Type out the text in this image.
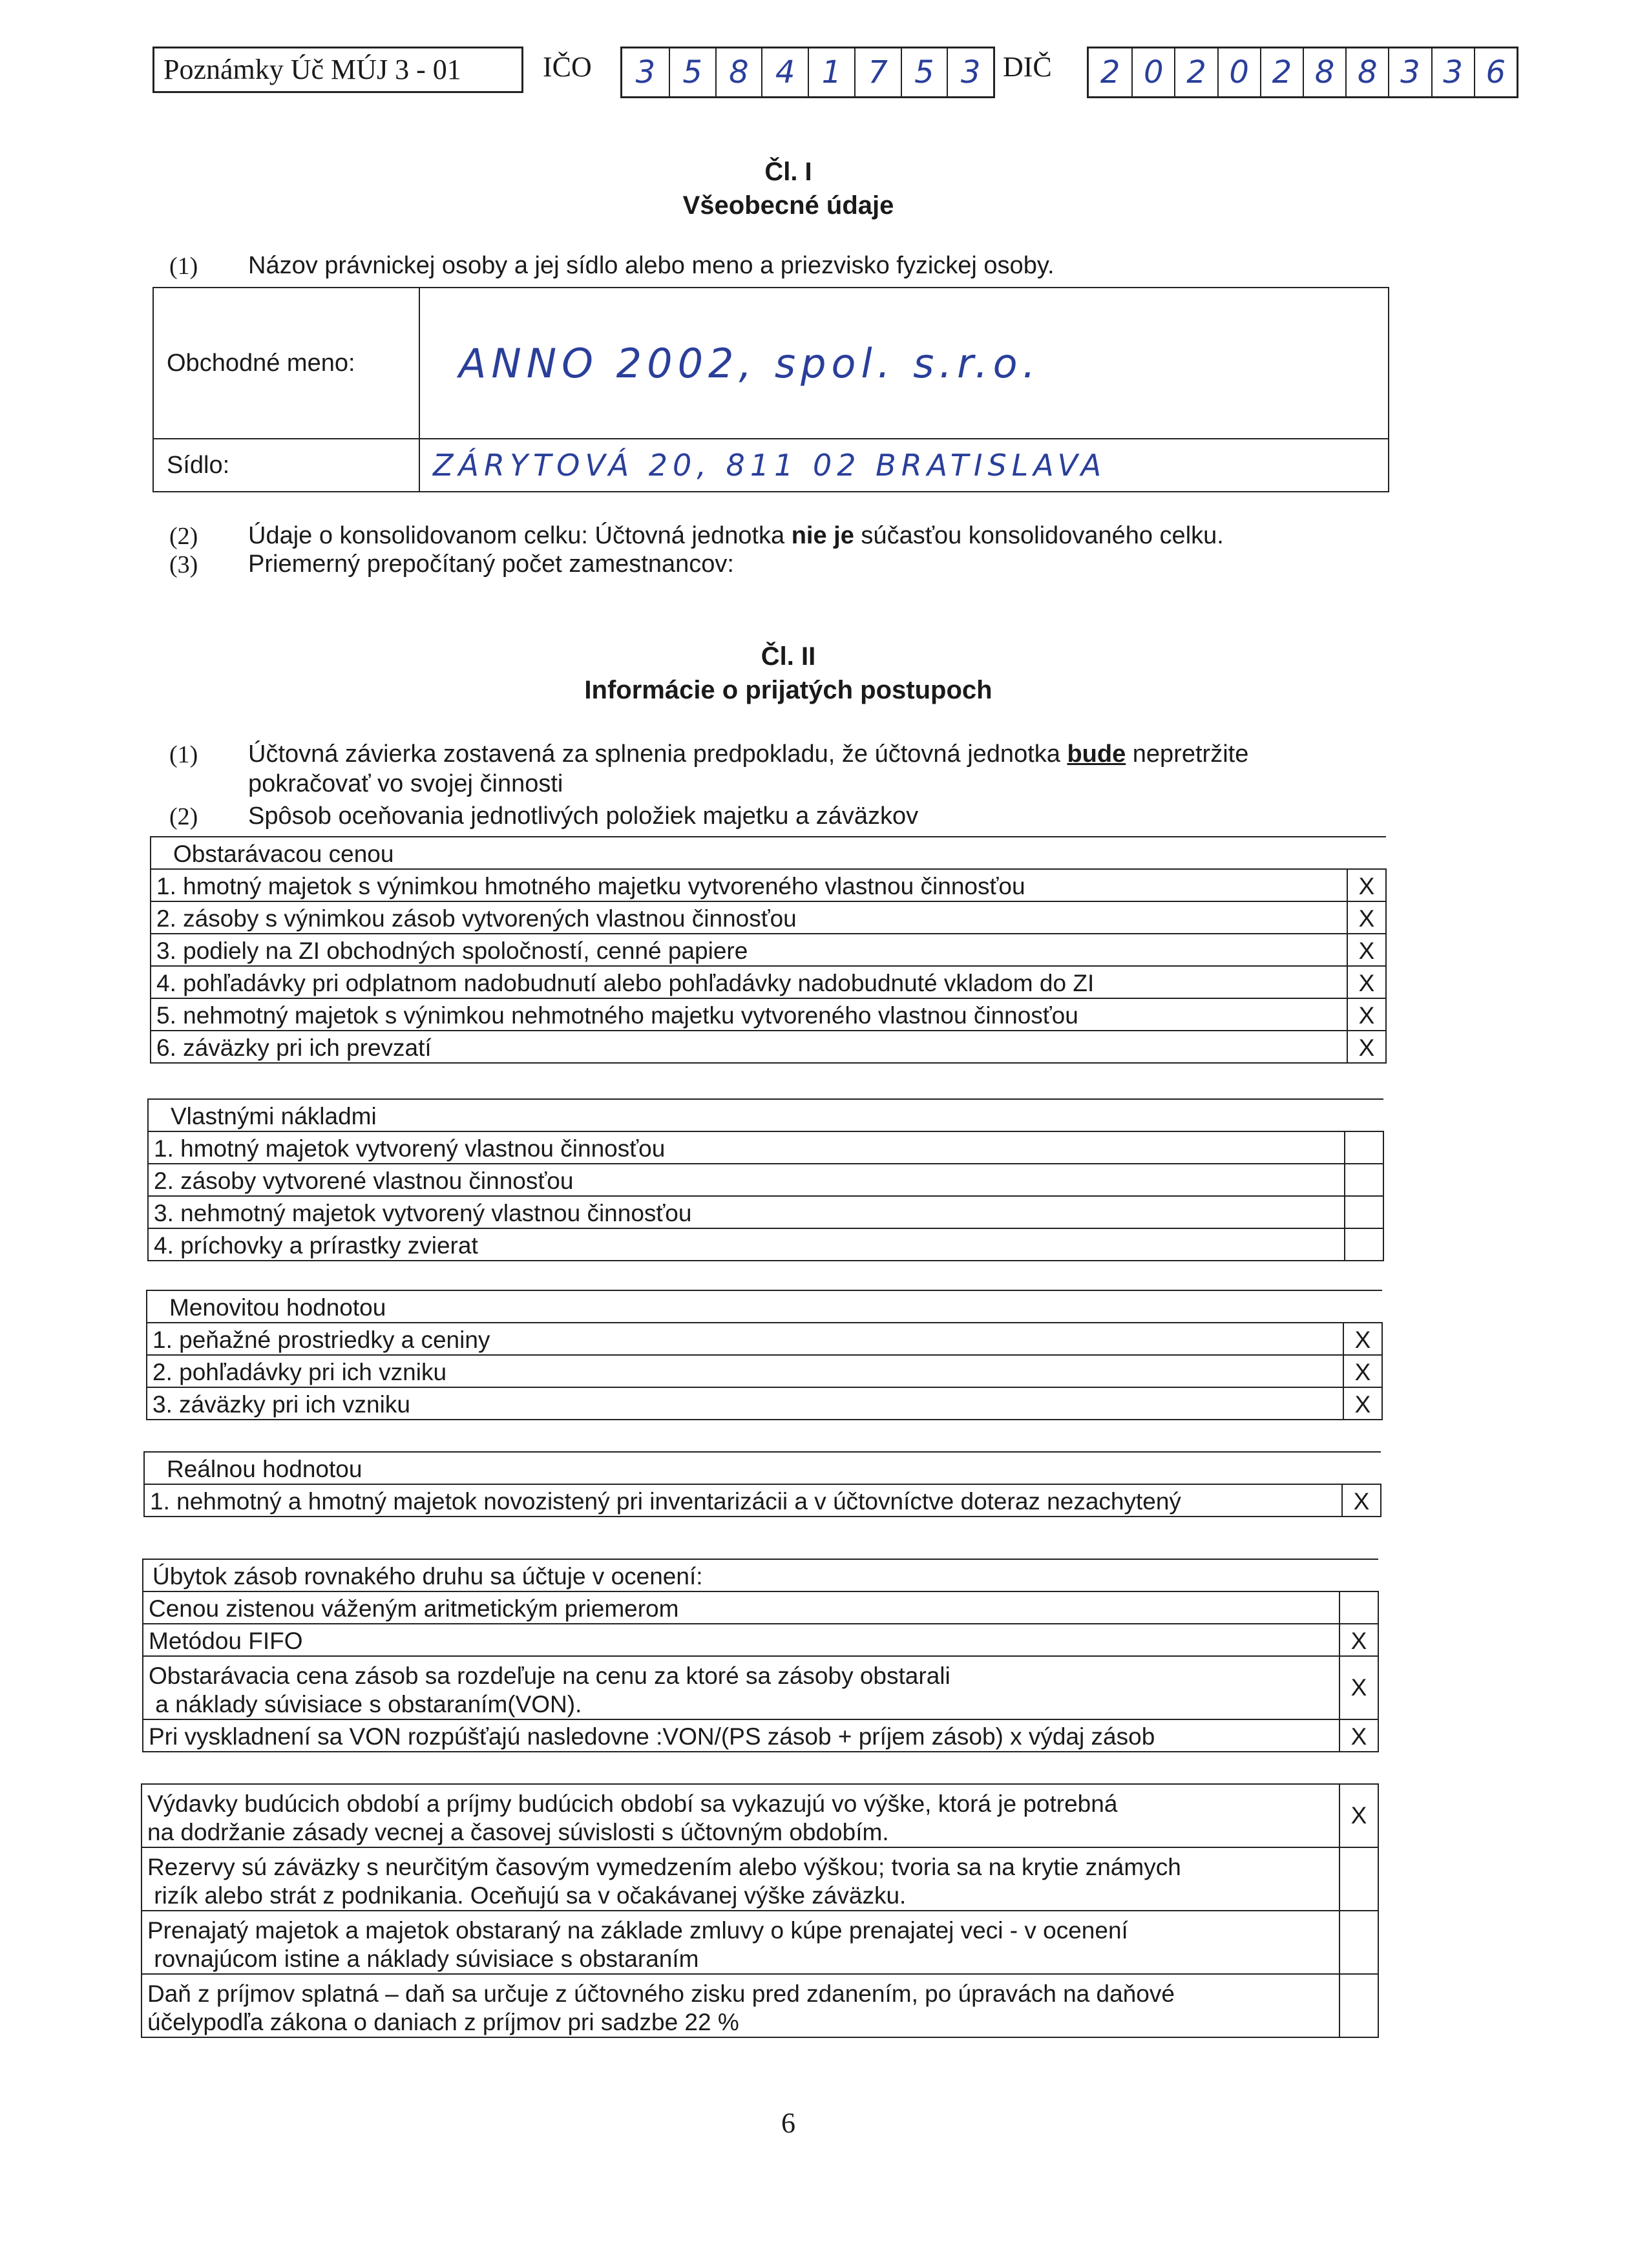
Poznámky Úč MÚJ 3 - 01	IČO	3 5 8 4 1 7 5 3 DIČ	2 0 2 0 2 8 8 3 3 6
Čl. I
Všeobecné údaje
(1) Názov právnickej osoby a jej sídlo alebo meno a priezvisko fyzickej osoby.
Obchodné meno:	ANNO 2002, spol. s.r.o.
Sídlo:	ZÁRYTOVÁ 20, 811 02 BRATISLAVA
(2) Údaje o konsolidovanom celku: Účtovná jednotka nie je súčasťou konsolidovaného celku.
(3) Priemerný prepočítaný počet zamestnancov:
Čl. II
Informácie o prijatých postupoch
(1) Účtovná závierka zostavená za splnenia predpokladu, že účtovná jednotka bude nepretržite
pokračovať vo svojej činnosti
(2) Spôsob oceňovania jednotlivých položiek majetku a záväzkov
Obstarávacou cenou	
1. hmotný majetok s výnimkou hmotného majetku vytvoreného vlastnou činnosťou	X
2. zásoby s výnimkou zásob vytvorených vlastnou činnosťou	X
3. podiely na ZI obchodných spoločností, cenné papiere	X
4. pohľadávky pri odplatnom nadobudnutí alebo pohľadávky nadobudnuté vkladom do ZI	X
5. nehmotný majetok s výnimkou nehmotného majetku vytvoreného vlastnou činnosťou	X
6. záväzky pri ich prevzatí	X
Vlastnými nákladmi	
1. hmotný majetok vytvorený vlastnou činnosťou	
2. zásoby vytvorené vlastnou činnosťou	
3. nehmotný majetok vytvorený vlastnou činnosťou	
4. príchovky a prírastky zvierat	
Menovitou hodnotou	
1. peňažné prostriedky a ceniny	X
2. pohľadávky pri ich vzniku	X
3. záväzky pri ich vzniku	X
Reálnou hodnotou	
1. nehmotný a hmotný majetok novozistený pri inventarizácii a v účtovníctve doteraz nezachytený	X
Úbytok zásob rovnakého druhu sa účtuje v ocenení:	
Cenou zistenou váženým aritmetickým priemerom	
Metódou FIFO	X
Obstarávacia cena zásob sa rozdeľuje na cenu za ktoré sa zásoby obstarali
a náklady súvisiace s obstaraním(VON).	X
Pri vyskladnení sa VON rozpúšťajú nasledovne :VON/(PS zásob + príjem zásob) x výdaj zásob	X
Výdavky budúcich období a príjmy budúcich období sa vykazujú vo výške, ktorá je potrebná
na dodržanie zásady vecnej a časovej súvislosti s účtovným obdobím.	X
Rezervy sú záväzky s neurčitým časovým vymedzením alebo výškou; tvoria sa na krytie známych
rizík alebo strát z podnikania. Oceňujú sa v očakávanej výške záväzku.	
Prenajatý majetok a majetok obstaraný na základe zmluvy o kúpe prenajatej veci - v ocenení
rovnajúcom istine a náklady súvisiace s obstaraním	
Daň z príjmov splatná – daň sa určuje z účtovného zisku pred zdanením, po úpravách na daňové
účelypodľa zákona o daniach z príjmov pri sadzbe 22 %	
6
